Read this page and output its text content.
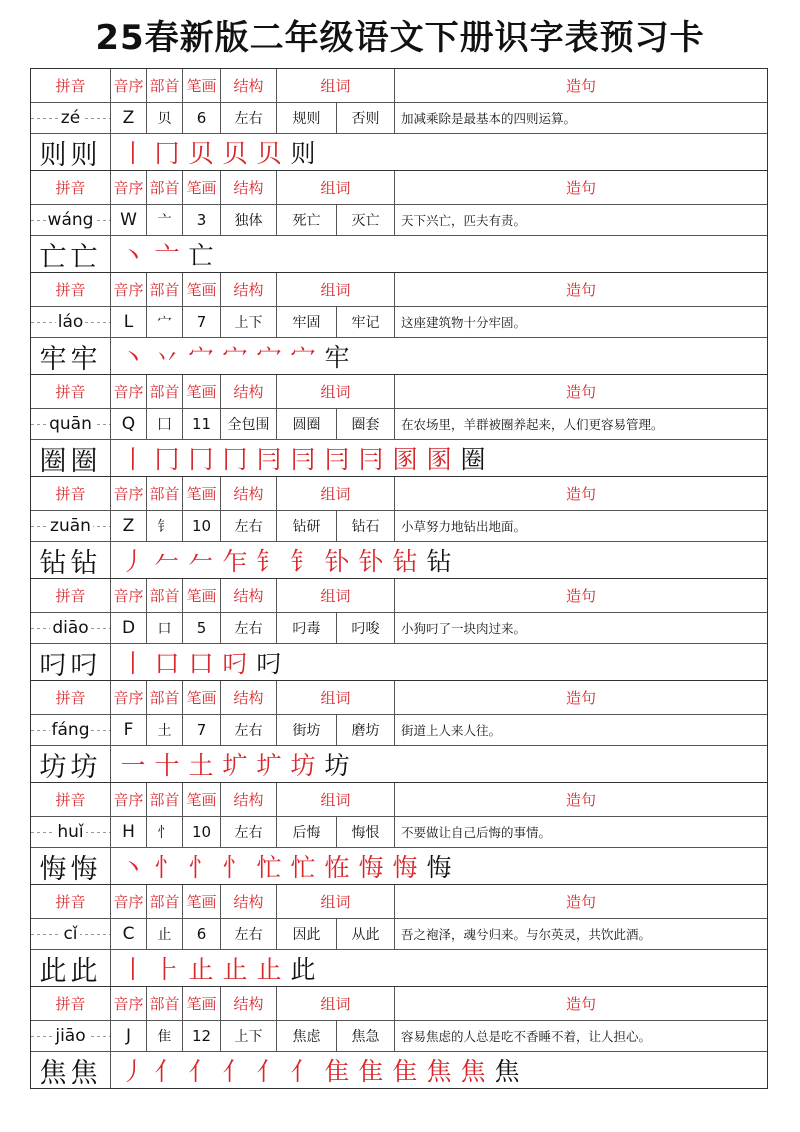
25春新版二年级语文下册识字表预习卡
拼音	音序 部首 笔画	结构	组词	造句
zé	Z	贝	6	左右	规则	否则	加减乘除是最基本的四则运算。
则 则 丨 冂 贝 贝 贝 则
拼音	音序 部首 笔画	结构	组词	造句
wáng	W	亠	3	独体	死亡	灭亡	天下兴亡，匹夫有责。
亡 亡 丶 亠 亡
拼音	音序 部首 笔画	结构	组词	造句
láo	L	宀	7	上下	牢固	牢记	这座建筑物十分牢固。
牢 牢 丶 丷 宀 宀 宀 宀 牢
拼音	音序 部首 笔画	结构	组词	造句
quān	Q	囗	11	全包围	圆圈	圈套	在农场里，羊群被圈养起来，人们更容易管理。
圈 圈 丨 冂 冂 冂 冃 冃 冃 冃 圂 圂 圈
拼音	音序 部首 笔画	结构	组词	造句
zuān	Z	钅	10	左右	钻研	钻石	小草努力地钻出地面。
钻 钻 丿 𠂉 𠂉 乍 钅 钅 钋 钋 钻 钻
拼音	音序 部首 笔画	结构	组词	造句
diāo	D	口	5	左右	叼毒	叼唆	小狗叼了一块肉过来。
叼 叼 丨 口 口 叼 叼
拼音	音序 部首 笔画	结构	组词	造句
fáng	F	土	7	左右	街坊	磨坊	街道上人来人往。
坊 坊 一 十 土 圹 圹 坊 坊
拼音	音序 部首 笔画	结构	组词	造句
huǐ	H	忄	10	左右	后悔	悔恨	不要做让自己后悔的事情。
悔 悔 丶 忄 忄 忄 忙 忙 恠 悔 悔 悔
拼音	音序 部首 笔画	结构	组词	造句
cǐ	C	止	6	左右	因此	从此	吾之袍泽，魂兮归来。与尔英灵，共饮此酒。
此 此 丨 ⺊ 止 止 止 此
拼音	音序 部首 笔画	结构	组词	造句
jiāo	J	隹	12	上下	焦虑	焦急	容易焦虑的人总是吃不香睡不着，让人担心。
焦 焦 丿 亻 亻 亻 亻 亻 隹 隹 隹 焦 焦 焦
